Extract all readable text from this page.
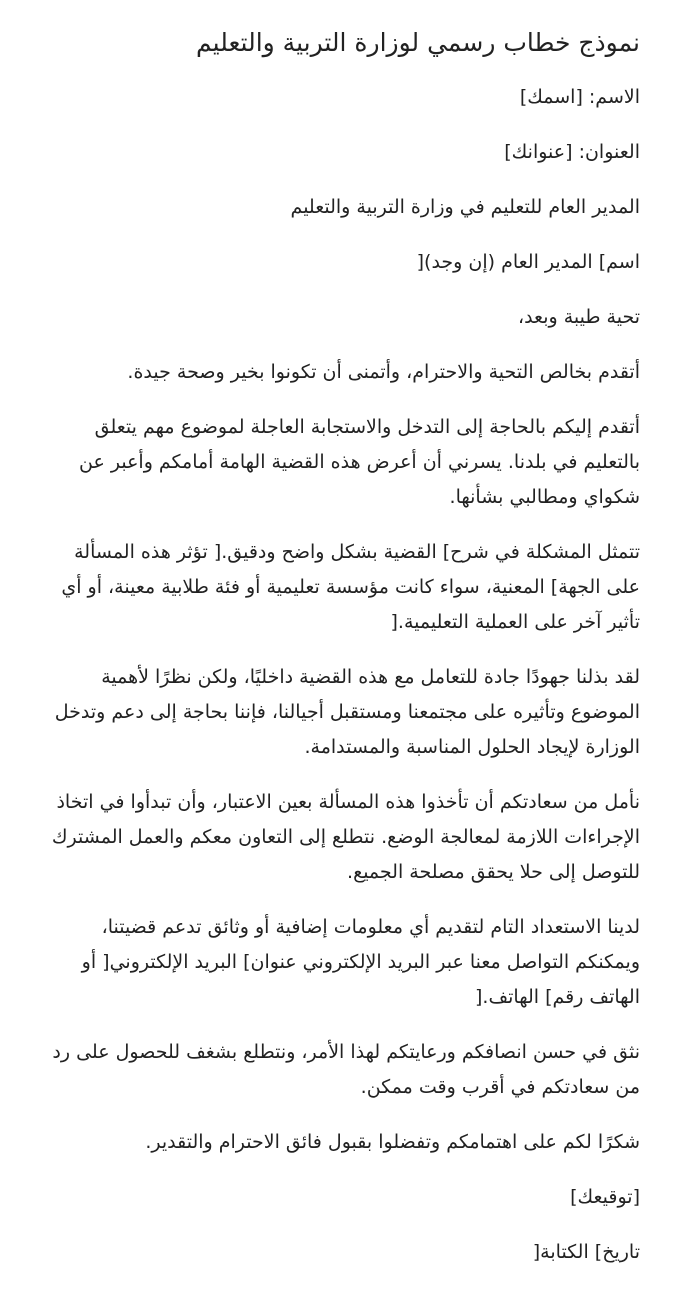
نموذج خطاب رسمي لوزارة التربية والتعليم

الاسم: [اسمك]

العنوان: [عنوانك]

المدير العام للتعليم في وزارة التربية والتعليم

اسم] المدير العام (إن وجد)[

تحية طيبة وبعد،

أتقدم بخالص التحية والاحترام، وأتمنى أن تكونوا بخير وصحة جيدة.

أتقدم إليكم بالحاجة إلى التدخل والاستجابة العاجلة لموضوع مهم يتعلق بالتعليم في بلدنا. يسرني أن أعرض هذه القضية الهامة أمامكم وأعبر عن شكواي ومطالبي بشأنها.

تتمثل المشكلة في شرح] القضية بشكل واضح ودقيق.[ تؤثر هذه المسألة على الجهة] المعنية، سواء كانت مؤسسة تعليمية أو فئة طلابية معينة، أو أي تأثير آخر على العملية التعليمية.[

لقد بذلنا جهودًا جادة للتعامل مع هذه القضية داخليًا، ولكن نظرًا لأهمية الموضوع وتأثيره على مجتمعنا ومستقبل أجيالنا، فإننا بحاجة إلى دعم وتدخل الوزارة لإيجاد الحلول المناسبة والمستدامة.

نأمل من سعادتكم أن تأخذوا هذه المسألة بعين الاعتبار، وأن تبدأوا في اتخاذ الإجراءات اللازمة لمعالجة الوضع. نتطلع إلى التعاون معكم والعمل المشترك للتوصل إلى حلا يحقق مصلحة الجميع.

لدينا الاستعداد التام لتقديم أي معلومات إضافية أو وثائق تدعم قضيتنا، ويمكنكم التواصل معنا عبر البريد الإلكتروني عنوان] البريد الإلكتروني[ أو الهاتف رقم] الهاتف.[

نثق في حسن انصافكم ورعايتكم لهذا الأمر، ونتطلع بشغف للحصول على رد من سعادتكم في أقرب وقت ممكن.

شكرًا لكم على اهتمامكم وتفضلوا بقبول فائق الاحترام والتقدير.

[توقيعك]

تاريخ] الكتابة[
